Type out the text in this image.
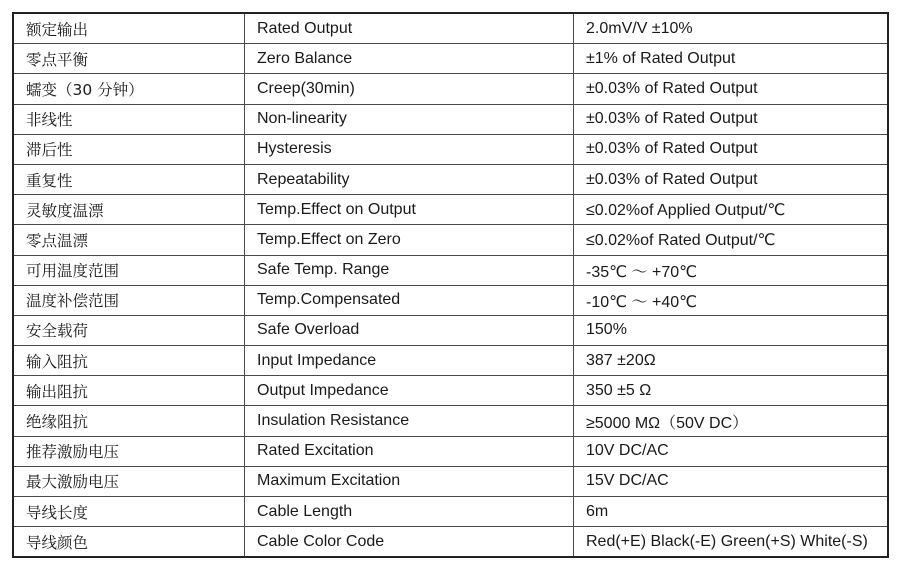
额定输出	Rated Output	2.0mV/V ±10%
零点平衡	Zero Balance	±1% of Rated Output
蠕变（30 分钟）	Creep(30min)	±0.03% of Rated Output
非线性	Non-linearity	±0.03% of Rated Output
滞后性	Hysteresis	±0.03% of Rated Output
重复性	Repeatability	±0.03% of Rated Output
灵敏度温漂	Temp.Effect on Output	≤0.02%of Applied Output/℃
零点温漂	Temp.Effect on Zero	≤0.02%of Rated Output/℃
可用温度范围	Safe Temp. Range	-35℃ ～ +70℃
温度补偿范围	Temp.Compensated	-10℃ ～ +40℃
安全载荷	Safe Overload	150%
输入阻抗	Input Impedance	387 ±20Ω
输出阻抗	Output Impedance	350 ±5 Ω
绝缘阻抗	Insulation Resistance	≥5000 MΩ（50V DC）
推荐激励电压	Rated Excitation	10V DC/AC
最大激励电压	Maximum Excitation	15V DC/AC
导线长度	Cable Length	6m
导线颜色	Cable Color Code	Red(+E) Black(-E) Green(+S) White(-S)
